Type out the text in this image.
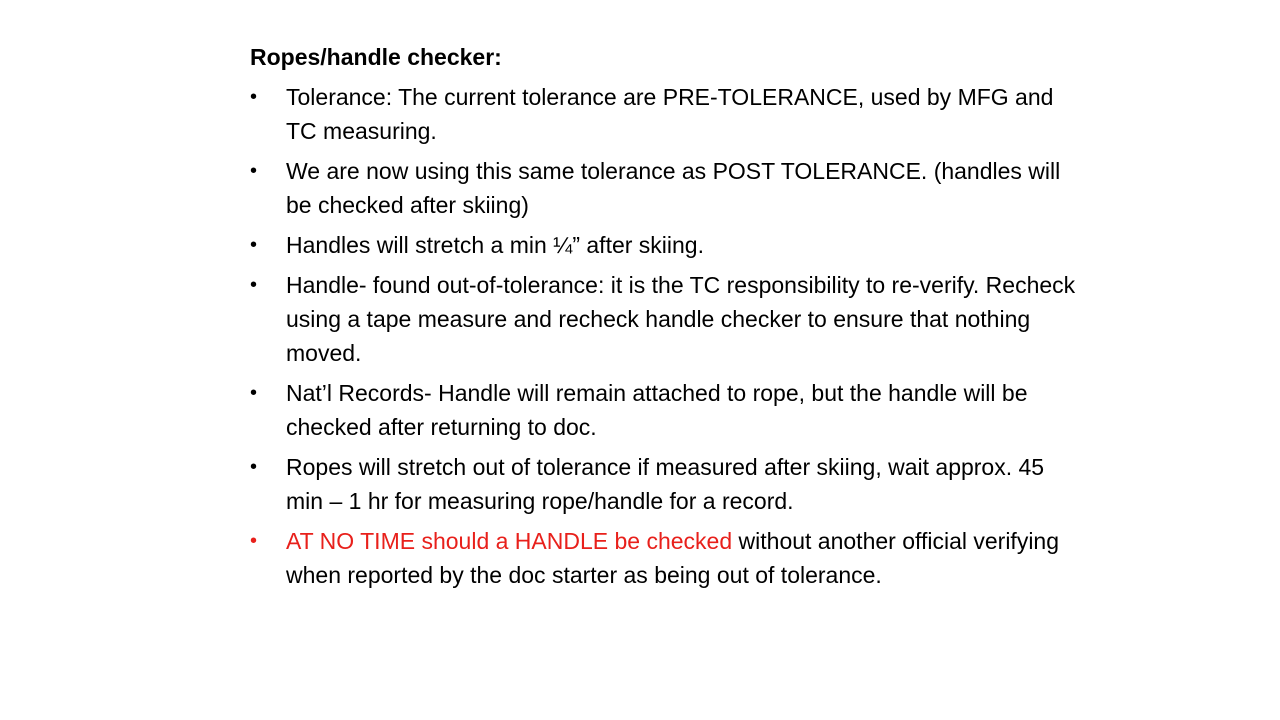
Ropes/handle checker:
•	Tolerance: The current tolerance are PRE-TOLERANCE, used by MFG and TC measuring.
•	We are now using this same tolerance as POST TOLERANCE. (handles will be checked after skiing)
•	Handles will stretch a min ¼” after skiing.
•	Handle- found out-of-tolerance: it is the TC responsibility to re-verify. Recheck using a tape measure and recheck handle checker to ensure that nothing moved.
•	Nat’l Records- Handle will remain attached to rope, but the handle will be checked after returning to doc.
•	Ropes will stretch out of tolerance if measured after skiing, wait approx. 45 min – 1 hr for measuring rope/handle for a record.
•	AT NO TIME should a HANDLE be checked without another official verifying when reported by the doc starter as being out of tolerance.
